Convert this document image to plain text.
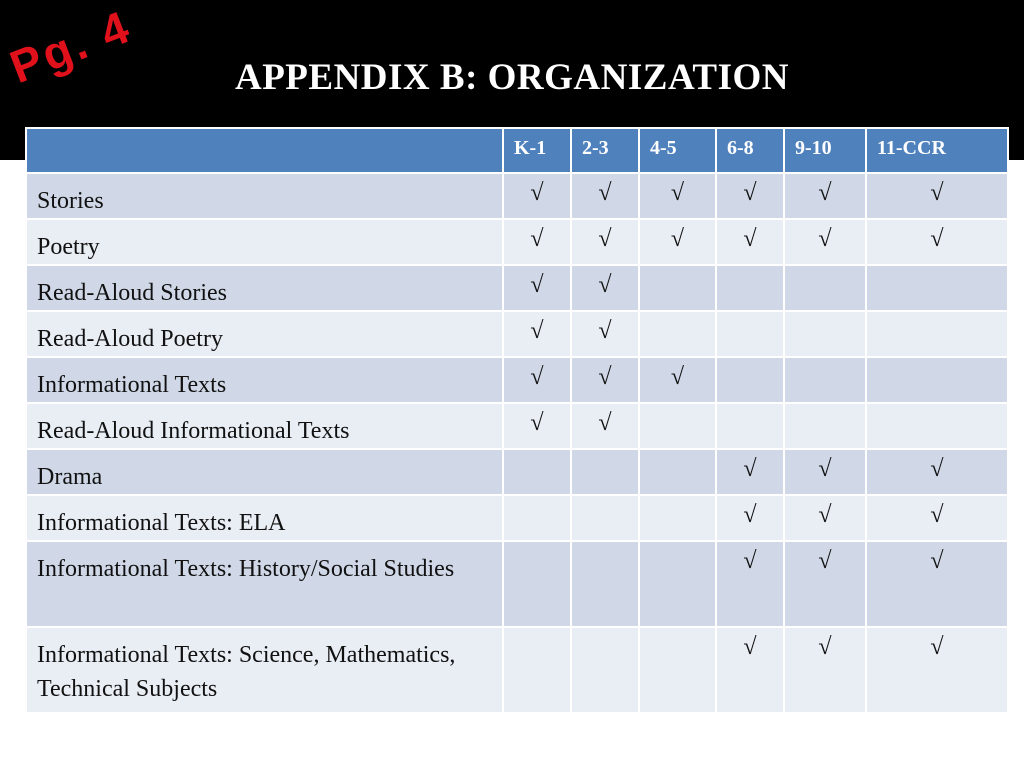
Pg. 4	APPENDIX B: ORGANIZATION
	K-1	2-3	4-5	6-8	9-10	11-CCR
Stories	√	√	√	√	√	√
Poetry	√	√	√	√	√	√
Read-Aloud Stories	√	√				
Read-Aloud Poetry	√	√				
Informational Texts	√	√	√			
Read-Aloud Informational Texts	√	√				
Drama				√	√	√
Informational Texts: ELA				√	√	√
Informational Texts: History/Social Studies				√	√	√
Informational Texts: Science, Mathematics, Technical Subjects				√	√	√
